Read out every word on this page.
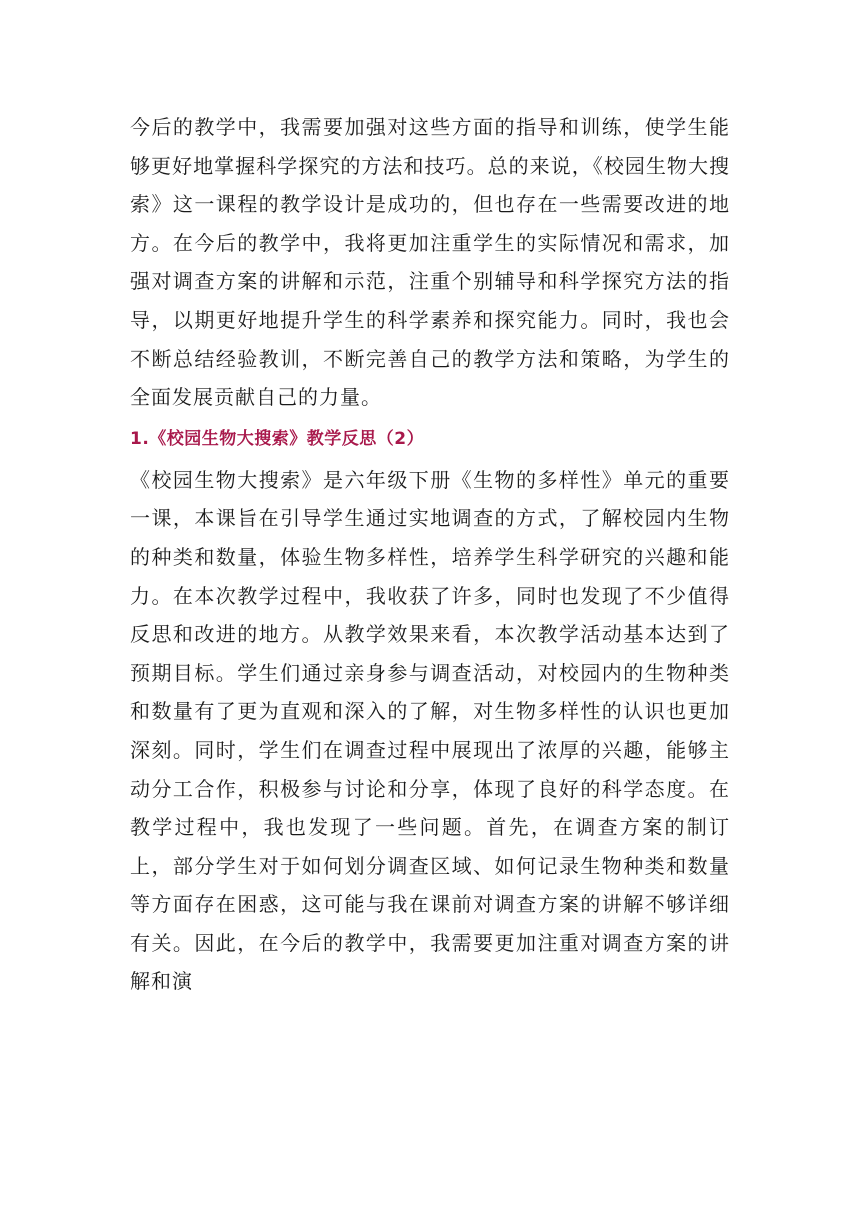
今后的教学中，我需要加强对这些方面的指导和训练，使学生能够更好地掌握科学探究的方法和技巧。总的来说，《校园生物大搜索》这一课程的教学设计是成功的，但也存在一些需要改进的地方。在今后的教学中，我将更加注重学生的实际情况和需求，加强对调查方案的讲解和示范，注重个别辅导和科学探究方法的指导，以期更好地提升学生的科学素养和探究能力。同时，我也会不断总结经验教训，不断完善自己的教学方法和策略，为学生的全面发展贡献自己的力量。

1.《校园生物大搜索》教学反思（2）

《校园生物大搜索》是六年级下册《生物的多样性》单元的重要一课，本课旨在引导学生通过实地调查的方式，了解校园内生物的种类和数量，体验生物多样性，培养学生科学研究的兴趣和能力。在本次教学过程中，我收获了许多，同时也发现了不少值得反思和改进的地方。从教学效果来看，本次教学活动基本达到了预期目标。学生们通过亲身参与调查活动，对校园内的生物种类和数量有了更为直观和深入的了解，对生物多样性的认识也更加深刻。同时，学生们在调查过程中展现出了浓厚的兴趣，能够主动分工合作，积极参与讨论和分享，体现了良好的科学态度。在教学过程中，我也发现了一些问题。首先，在调查方案的制订上，部分学生对于如何划分调查区域、如何记录生物种类和数量等方面存在困惑，这可能与我在课前对调查方案的讲解不够详细有关。因此，在今后的教学中，我需要更加注重对调查方案的讲解和演
